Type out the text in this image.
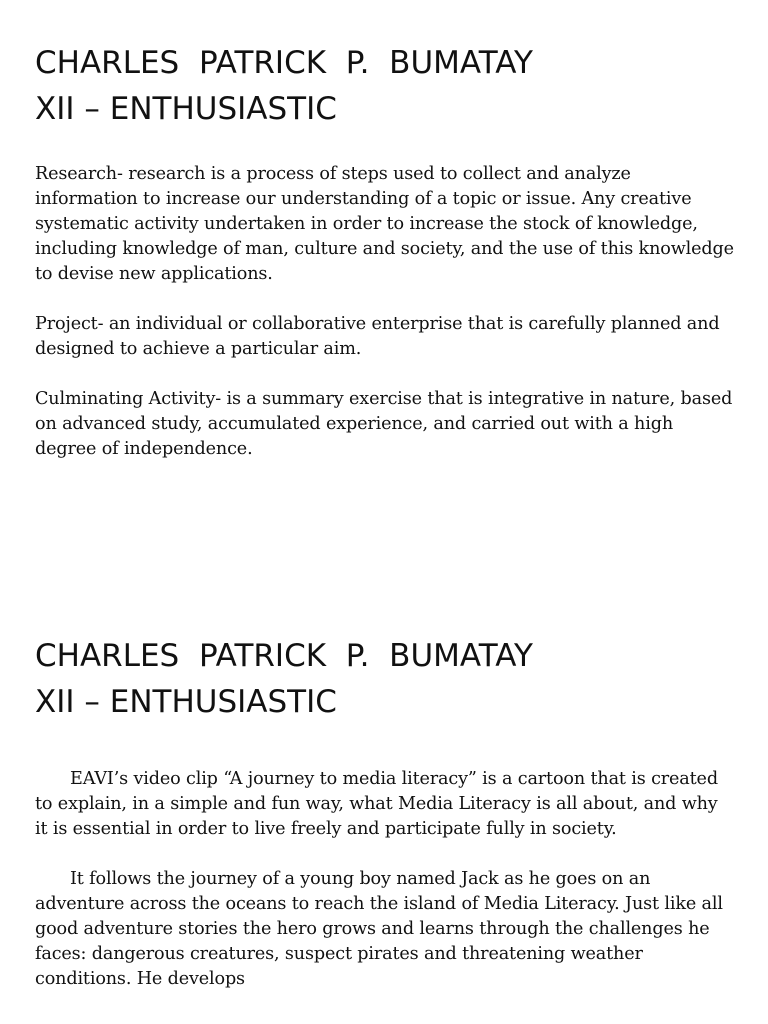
CHARLES  PATRICK  P.  BUMATAY
XII – ENTHUSIASTIC

Research- research is a process of steps used to collect and analyze information to increase our understanding of a topic or issue. Any creative systematic activity undertaken in order to increase the stock of knowledge, including knowledge of man, culture and society, and the use of this knowledge to devise new applications.

Project- an individual or collaborative enterprise that is carefully planned and designed to achieve a particular aim.

Culminating Activity- is a summary exercise that is integrative in nature, based on advanced study, accumulated experience, and carried out with a high degree of independence.

CHARLES  PATRICK  P.  BUMATAY
XII – ENTHUSIASTIC

EAVI’s video clip “A journey to media literacy” is a cartoon that is created to explain, in a simple and fun way, what Media Literacy is all about, and why it is essential in order to live freely and participate fully in society.

It follows the journey of a young boy named Jack as he goes on an adventure across the oceans to reach the island of Media Literacy. Just like all good adventure stories the hero grows and learns through the challenges he faces: dangerous creatures, suspect pirates and threatening weather conditions. He develops
